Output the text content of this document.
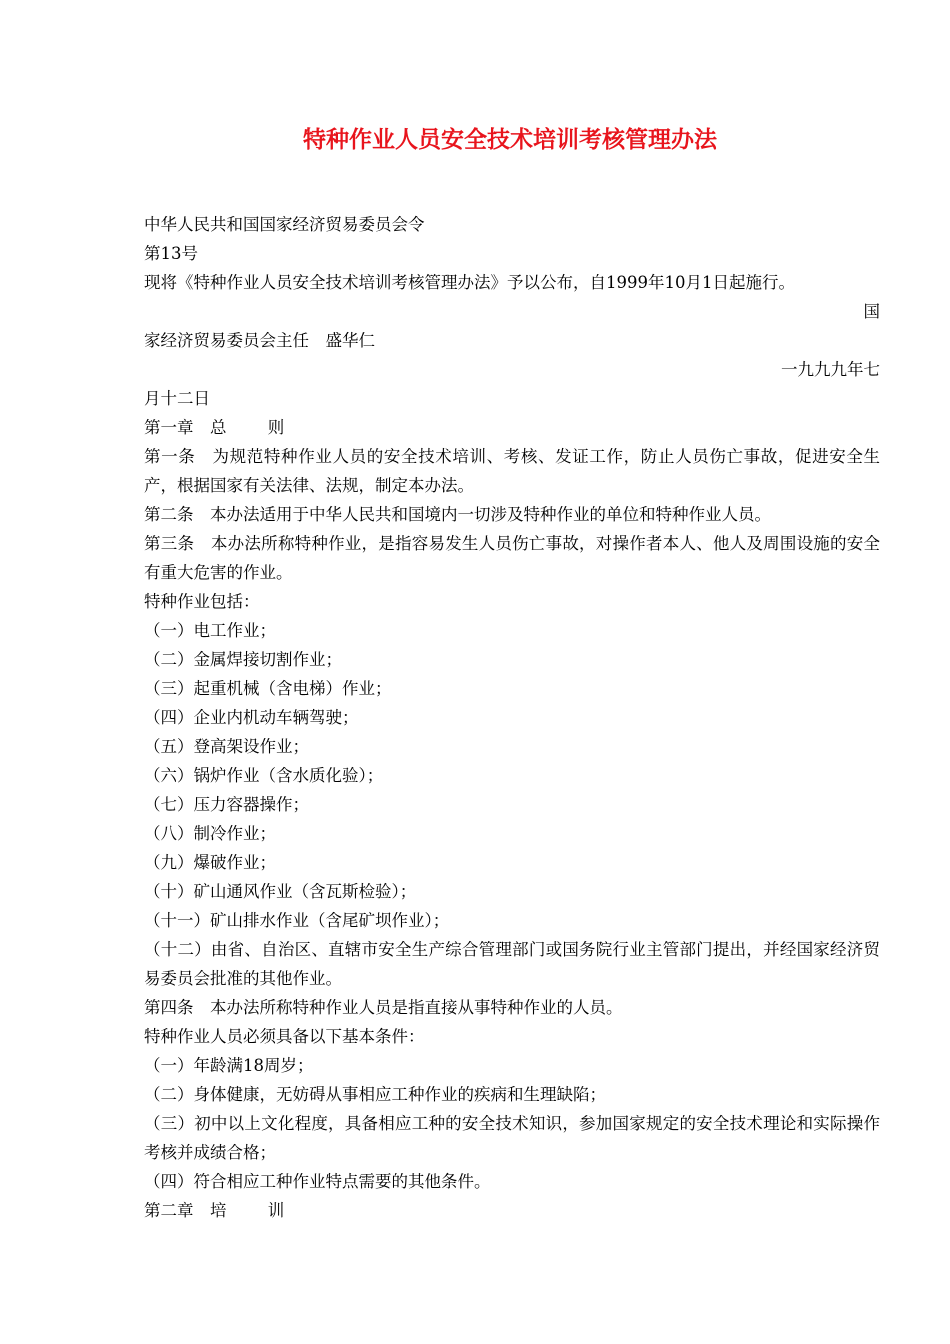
特种作业人员安全技术培训考核管理办法
中华人民共和国国家经济贸易委员会令
第13号
现将《特种作业人员安全技术培训考核管理办法》予以公布，自1999年10月1日起施行。
国
家经济贸易委员会主任 盛华仁
一九九九年七
月十二日
第一章 总	则
第一条 为规范特种作业人员的安全技术培训、考核、发证工作，防止人员伤亡事故，促进安全生产，根据国家有关法律、法规，制定本办法。
第二条 本办法适用于中华人民共和国境内一切涉及特种作业的单位和特种作业人员。
第三条 本办法所称特种作业，是指容易发生人员伤亡事故，对操作者本人、他人及周围设施的安全有重大危害的作业。
特种作业包括：
（一）电工作业；
（二）金属焊接切割作业；
（三）起重机械（含电梯）作业；
（四）企业内机动车辆驾驶；
（五）登高架设作业；
（六）锅炉作业（含水质化验）；
（七）压力容器操作；
（八）制冷作业；
（九）爆破作业；
（十）矿山通风作业（含瓦斯检验）；
（十一）矿山排水作业（含尾矿坝作业）；
（十二）由省、自治区、直辖市安全生产综合管理部门或国务院行业主管部门提出，并经国家经济贸易委员会批准的其他作业。
第四条 本办法所称特种作业人员是指直接从事特种作业的人员。
特种作业人员必须具备以下基本条件：
（一）年龄满18周岁；
（二）身体健康，无妨碍从事相应工种作业的疾病和生理缺陷；
（三）初中以上文化程度，具备相应工种的安全技术知识，参加国家规定的安全技术理论和实际操作考核并成绩合格；
（四）符合相应工种作业特点需要的其他条件。
第二章 培	训
